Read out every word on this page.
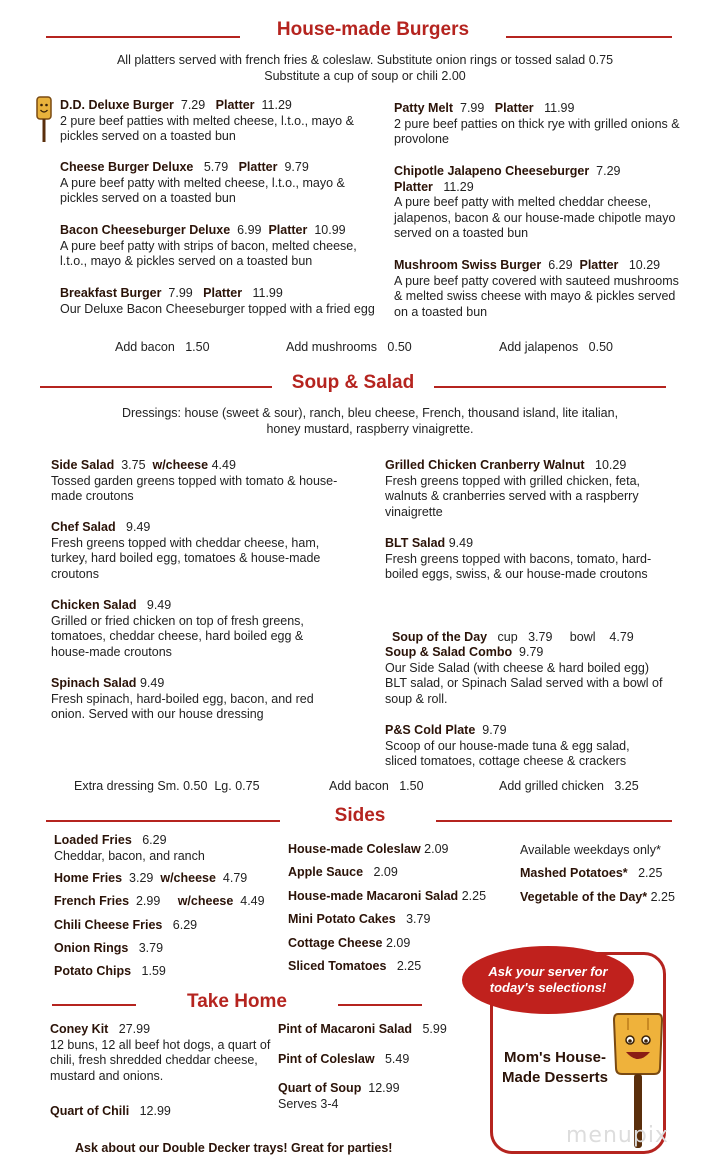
House-made Burgers
All platters served with french fries & coleslaw. Substitute onion rings or tossed salad 0.75
Substitute a cup of soup or chili 2.00
D.D. Deluxe Burger 7.29 Platter 11.29
2 pure beef patties with melted cheese, l.t.o., mayo & pickles served on a toasted bun
Cheese Burger Deluxe 5.79 Platter 9.79
A pure beef patty with melted cheese, l.t.o., mayo & pickles served on a toasted bun
Bacon Cheeseburger Deluxe 6.99 Platter 10.99
A pure beef patty with strips of bacon, melted cheese, l.t.o., mayo & pickles served on a toasted bun
Breakfast Burger 7.99 Platter 11.99
Our Deluxe Bacon Cheeseburger topped with a fried egg
Patty Melt 7.99 Platter 11.99
2 pure beef patties on thick rye with grilled onions & provolone
Chipotle Jalapeno Cheeseburger 7.29
Platter 11.29
A pure beef patty with melted cheddar cheese, jalapenos, bacon & our house-made chipotle mayo served on a toasted bun
Mushroom Swiss Burger 6.29 Platter 10.29
A pure beef patty covered with sauteed mushrooms & melted swiss cheese with mayo & pickles served on a toasted bun
Add bacon   1.50	Add mushrooms   0.50	Add jalapenos   0.50
Soup & Salad
Dressings: house (sweet & sour), ranch, bleu cheese, French, thousand island, lite italian,
honey mustard, raspberry vinaigrette.
Side Salad 3.75 w/cheese 4.49
Tossed garden greens topped with tomato & house-made croutons
Chef Salad 9.49
Fresh greens topped with cheddar cheese, ham, turkey, hard boiled egg, tomatoes & house-made croutons
Chicken Salad 9.49
Grilled or fried chicken on top of fresh greens, tomatoes, cheddar cheese, hard boiled egg & house-made croutons
Spinach Salad 9.49
Fresh spinach, hard-boiled egg, bacon, and red onion. Served with our house dressing
Grilled Chicken Cranberry Walnut 10.29
Fresh greens topped with grilled chicken, feta, walnuts & cranberries served with a raspberry vinaigrette
BLT Salad 9.49
Fresh greens topped with bacons, tomato, hard-boiled eggs, swiss, & our house-made croutons

Soup of the Day cup   3.79     bowl    4.79

Soup & Salad Combo 9.79
Our Side Salad (with cheese & hard boiled egg) BLT salad, or Spinach Salad served with a bowl of soup & roll.
P&S Cold Plate 9.79
Scoop of our house-made tuna & egg salad, sliced tomatoes, cottage cheese & crackers
Extra dressing Sm. 0.50  Lg. 0.75	Add bacon   1.50	Add grilled chicken   3.25
Sides
Loaded Fries 6.29
Cheddar, bacon, and ranch
Home Fries 3.29 w/cheese 4.79
French Fries 2.99 w/cheese 4.49
Chili Cheese Fries 6.29
Onion Rings 3.79
Potato Chips 1.59
House-made Coleslaw 2.09
Apple Sauce 2.09
House-made Macaroni Salad 2.25
Mini Potato Cakes 3.79
Cottage Cheese 2.09
Sliced Tomatoes 2.25
Available weekdays only*
Mashed Potatoes* 2.25
Vegetable of the Day* 2.25
Take Home
Coney Kit 27.99
12 buns, 12 all beef hot dogs, a quart of chili, fresh shredded cheddar cheese, mustard and onions.
Quart of Chili 12.99
Pint of Macaroni Salad 5.99
Pint of Coleslaw 5.49
Quart of Soup 12.99
Serves 3-4
Ask about our Double Decker trays! Great for parties!
Ask your server for today's selections!
Mom's House-Made Desserts
menupix
